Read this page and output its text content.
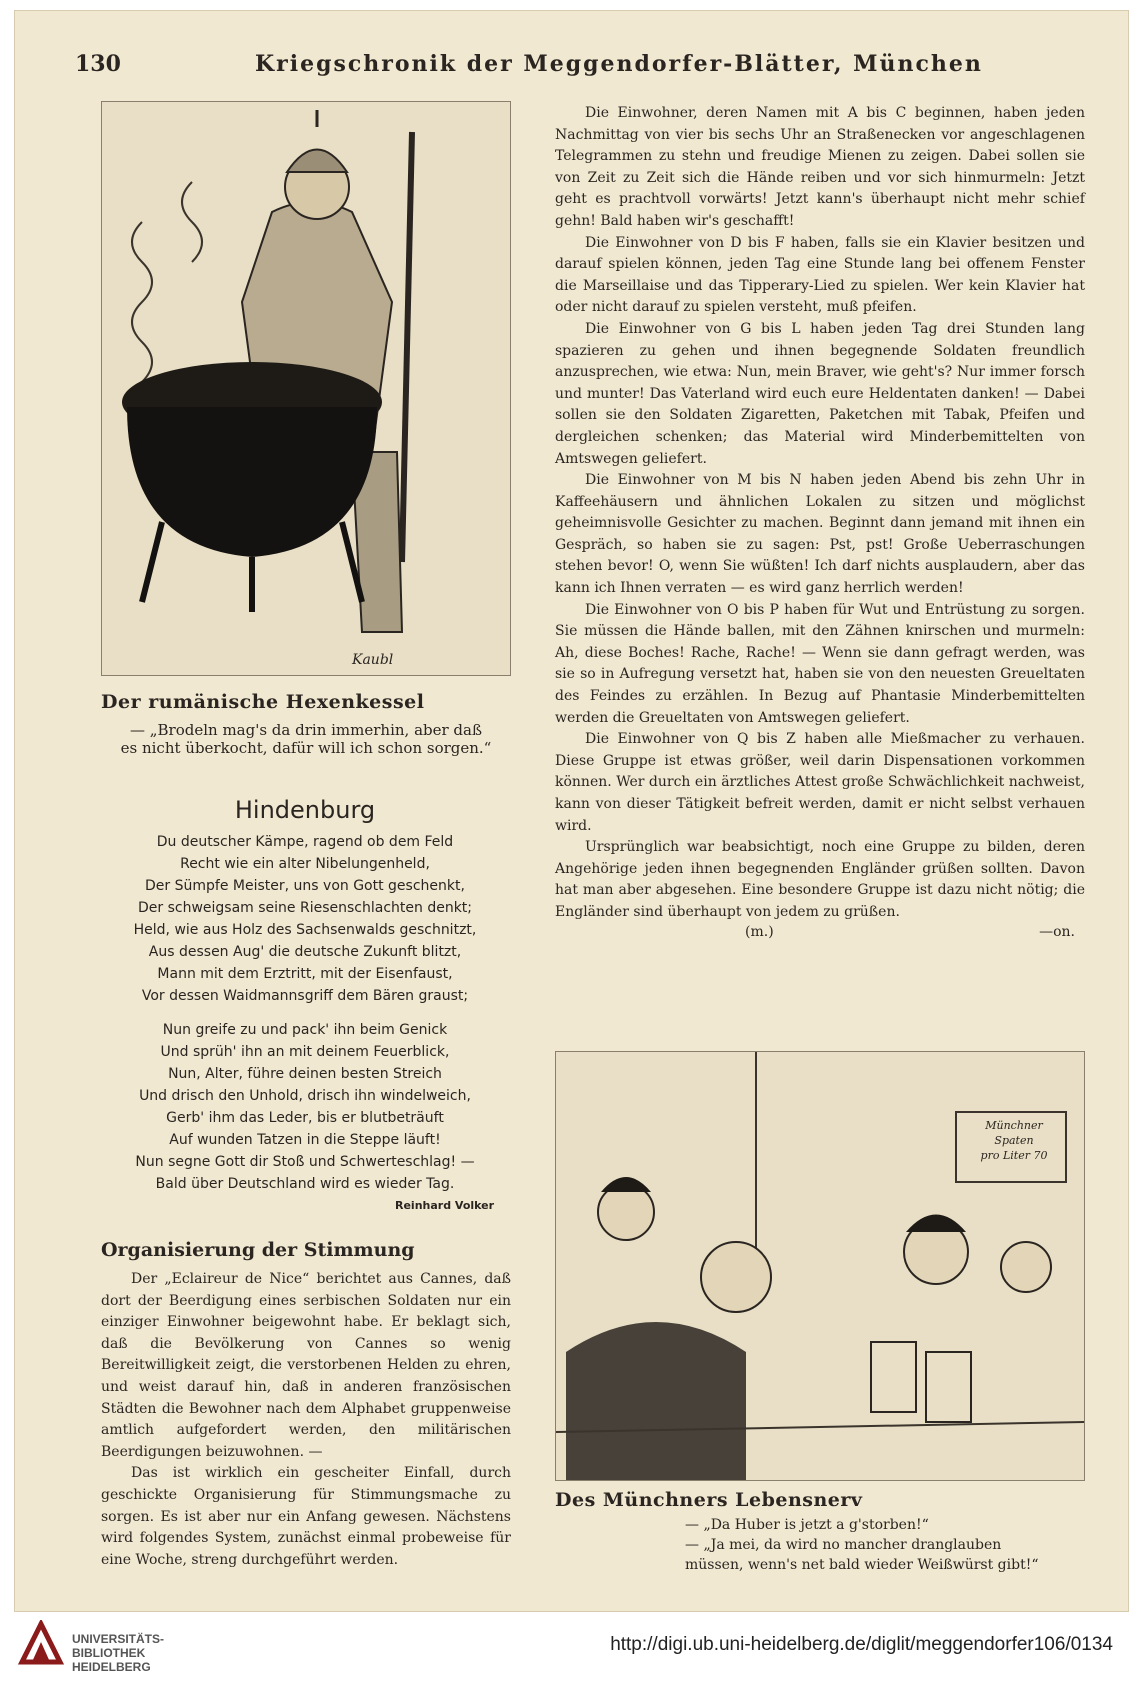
130	Kriegschronik der Meggendorfer-Blätter, München
Kaubl
Der rumänische Hexenkessel
— „Brodeln mag's da drin immerhin, aber daß
es nicht überkocht, dafür will ich schon sorgen.“
Hindenburg
Du deutscher Kämpe, ragend ob dem Feld
Recht wie ein alter Nibelungenheld,
Der Sümpfe Meister, uns von Gott geschenkt,
Der schweigsam seine Riesenschlachten denkt;
Held, wie aus Holz des Sachsenwalds geschnitzt,
Aus dessen Aug' die deutsche Zukunft blitzt,
Mann mit dem Erztritt, mit der Eisenfaust,
Vor dessen Waidmannsgriff dem Bären graust;
Nun greife zu und pack' ihn beim Genick
Und sprüh' ihn an mit deinem Feuerblick,
Nun, Alter, führe deinen besten Streich
Und drisch den Unhold, drisch ihn windelweich,
Gerb' ihm das Leder, bis er blutbeträuft
Auf wunden Tatzen in die Steppe läuft!
Nun segne Gott dir Stoß und Schwerteschlag! —
Bald über Deutschland wird es wieder Tag.
Reinhard Volker
Organisierung der Stimmung

Der „Eclaireur de Nice“ berichtet aus Cannes, daß dort der Beerdigung eines serbischen Soldaten nur ein einziger Einwohner beigewohnt habe. Er beklagt sich, daß die Bevölkerung von Cannes so wenig Bereitwilligkeit zeigt, die verstorbenen Helden zu ehren, und weist darauf hin, daß in anderen französischen Städten die Bewohner nach dem Alphabet gruppenweise amtlich aufgefordert werden, den militärischen Beerdigungen beizuwohnen. —

Das ist wirklich ein gescheiter Einfall, durch geschickte Organisierung für Stimmungsmache zu sorgen. Es ist aber nur ein Anfang gewesen. Nächstens wird folgendes System, zunächst einmal probeweise für eine Woche, streng durchgeführt werden.

Die Einwohner, deren Namen mit A bis C beginnen, haben jeden Nachmittag von vier bis sechs Uhr an Straßenecken vor angeschlagenen Telegrammen zu stehn und freudige Mienen zu zeigen. Dabei sollen sie von Zeit zu Zeit sich die Hände reiben und vor sich hinmurmeln: Jetzt geht es prachtvoll vorwärts! Jetzt kann's überhaupt nicht mehr schief gehn! Bald haben wir's geschafft!

Die Einwohner von D bis F haben, falls sie ein Klavier besitzen und darauf spielen können, jeden Tag eine Stunde lang bei offenem Fenster die Marseillaise und das Tipperary-Lied zu spielen. Wer kein Klavier hat oder nicht darauf zu spielen versteht, muß pfeifen.

Die Einwohner von G bis L haben jeden Tag drei Stunden lang spazieren zu gehen und ihnen begegnende Soldaten freundlich anzusprechen, wie etwa: Nun, mein Braver, wie geht's? Nur immer forsch und munter! Das Vaterland wird euch eure Heldentaten danken! — Dabei sollen sie den Soldaten Zigaretten, Paketchen mit Tabak, Pfeifen und dergleichen schenken; das Material wird Minderbemittelten von Amtswegen geliefert.

Die Einwohner von M bis N haben jeden Abend bis zehn Uhr in Kaffeehäusern und ähnlichen Lokalen zu sitzen und möglichst geheimnisvolle Gesichter zu machen. Beginnt dann jemand mit ihnen ein Gespräch, so haben sie zu sagen: Pst, pst! Große Ueberraschungen stehen bevor! O, wenn Sie wüßten! Ich darf nichts ausplaudern, aber das kann ich Ihnen verraten — es wird ganz herrlich werden!

Die Einwohner von O bis P haben für Wut und Entrüstung zu sorgen. Sie müssen die Hände ballen, mit den Zähnen knirschen und murmeln: Ah, diese Boches! Rache, Rache! — Wenn sie dann gefragt werden, was sie so in Aufregung versetzt hat, haben sie von den neuesten Greueltaten des Feindes zu erzählen. In Bezug auf Phantasie Minderbemittelten werden die Greueltaten von Amtswegen geliefert.

Die Einwohner von Q bis Z haben alle Mießmacher zu verhauen. Diese Gruppe ist etwas größer, weil darin Dispensationen vorkommen können. Wer durch ein ärztliches Attest große Schwächlichkeit nachweist, kann von dieser Tätigkeit befreit werden, damit er nicht selbst verhauen wird.

Ursprünglich war beabsichtigt, noch eine Gruppe zu bilden, deren Angehörige jeden ihnen begegnenden Engländer grüßen sollten. Davon hat man aber abgesehen. Eine besondere Gruppe ist dazu nicht nötig; die Engländer sind überhaupt von jedem zu grüßen.

(m.)	—on.
Münchner
Spaten
pro Liter 70
Des Münchners Lebensnerv
— „Da Huber is jetzt a g'storben!“
— „Ja mei, da wird no mancher dranglauben
müssen, wenn's net bald wieder Weißwürst gibt!“
UNIVERSITÄTS-
BIBLIOTHEK
HEIDELBERG
http://digi.ub.uni-heidelberg.de/diglit/meggendorfer106/0134
